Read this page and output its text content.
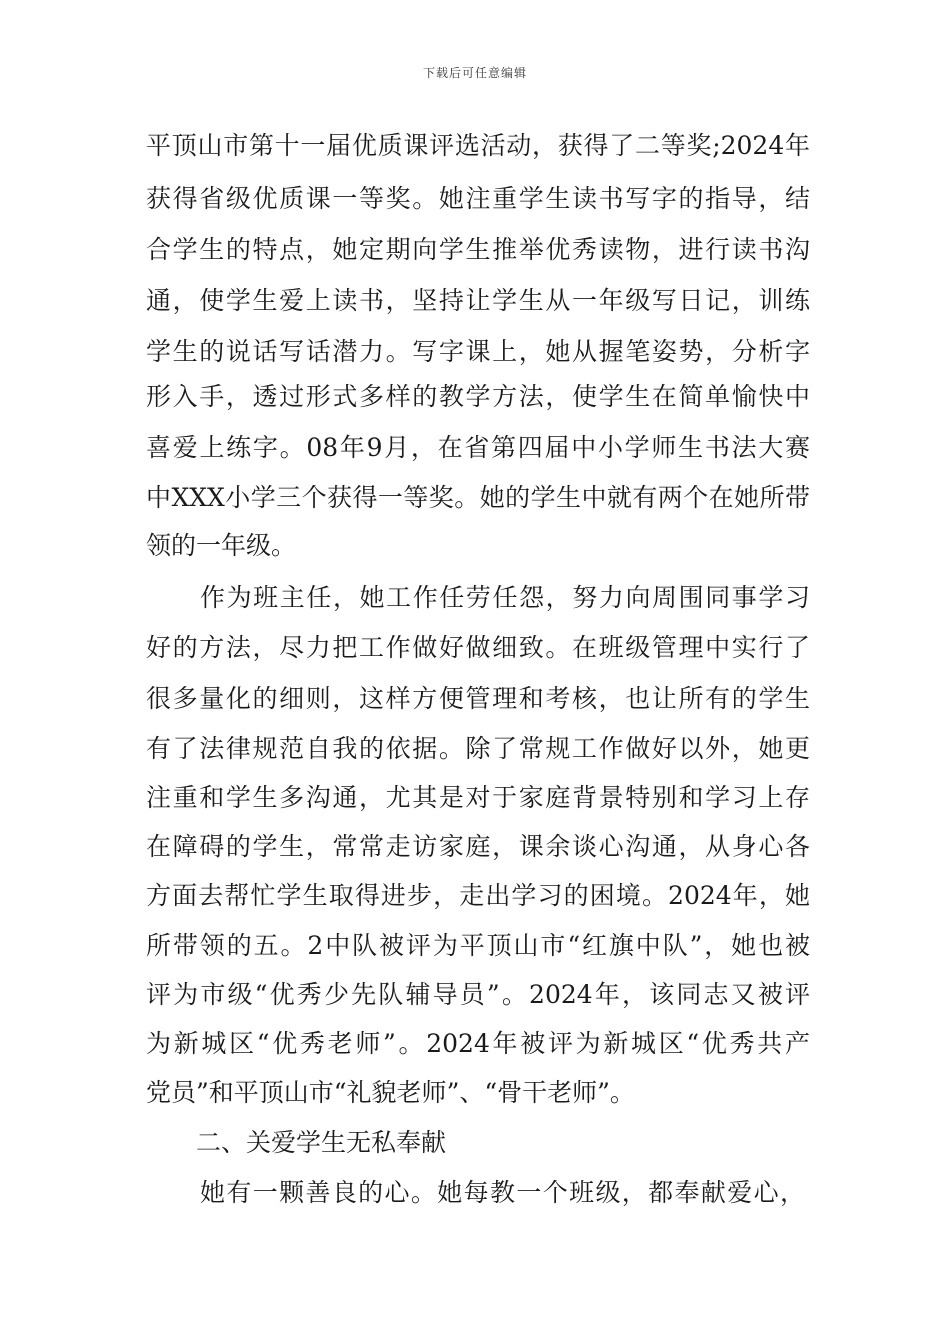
下载后可任意编辑
平顶山市第十一届优质课评选活动，获得了二等奖;2024年
获得省级优质课一等奖。她注重学生读书写字的指导，结
合学生的特点，她定期向学生推举优秀读物，进行读书沟
通，使学生爱上读书，坚持让学生从一年级写日记，训练
学生的说话写话潜力。写字课上，她从握笔姿势，分析字
形入手，透过形式多样的教学方法，使学生在简单愉快中
喜爱上练字。08年9月，在省第四届中小学师生书法大赛
中XXX小学三个获得一等奖。她的学生中就有两个在她所带
领的一年级。
作为班主任，她工作任劳任怨，努力向周围同事学习
好的方法，尽力把工作做好做细致。在班级管理中实行了
很多量化的细则，这样方便管理和考核，也让所有的学生
有了法律规范自我的依据。除了常规工作做好以外，她更
注重和学生多沟通，尤其是对于家庭背景特别和学习上存
在障碍的学生，常常走访家庭，课余谈心沟通，从身心各
方面去帮忙学生取得进步，走出学习的困境。2024年，她
所带领的五。2中队被评为平顶山市“红旗中队”，她也被
评为市级“优秀少先队辅导员”。2024年，该同志又被评
为新城区“优秀老师”。2024年被评为新城区“优秀共产
党员”和平顶山市“礼貌老师”、“骨干老师”。
二、关爱学生无私奉献
她有一颗善良的心。她每教一个班级，都奉献爱心，
